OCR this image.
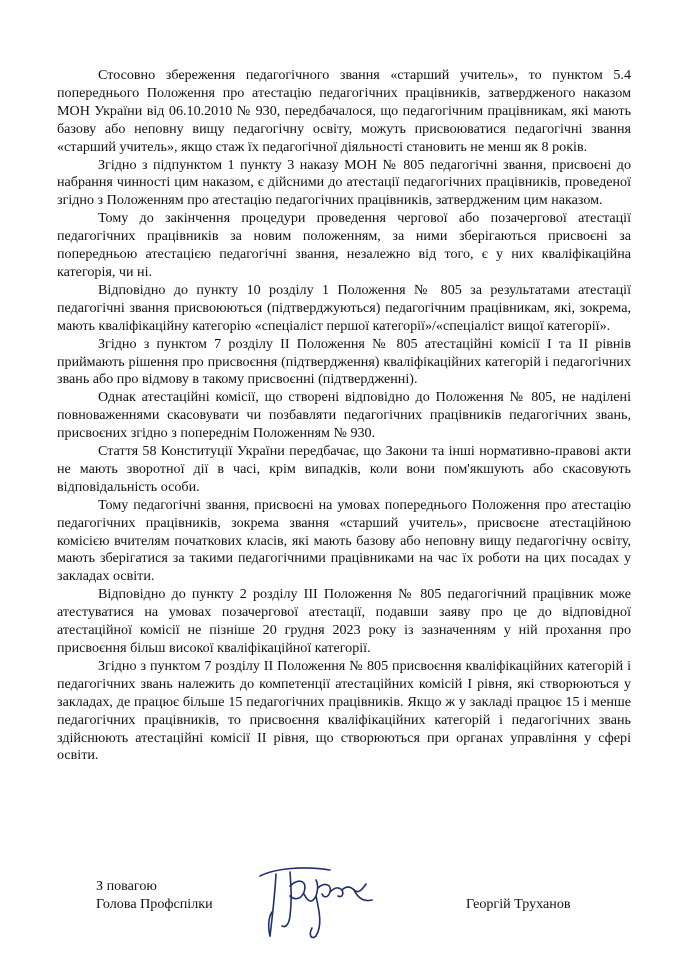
Стосовно збереження педагогічного звання «старший учитель», то пунктом 5.4 попереднього Положення про атестацію педагогічних працівників, затвердженого наказом МОН України від 06.10.2010 № 930, передбачалося, що педагогічним працівникам, які мають базову або неповну вищу педагогічну освіту, можуть присвоюватися педагогічні звання «старший учитель», якщо стаж їх педагогічної діяльності становить не менш як 8 років.

Згідно з підпунктом 1 пункту 3 наказу МОН № 805 педагогічні звання, присвоєні до набрання чинності цим наказом, є дійсними до атестації педагогічних працівників, проведеної згідно з Положенням про атестацію педагогічних працівників, затвердженим цим наказом.

Тому до закінчення процедури проведення чергової або позачергової атестації педагогічних працівників за новим положенням, за ними зберігаються присвоєні за попередньою атестацією педагогічні звання, незалежно від того, є у них кваліфікаційна категорія, чи ні.

Відповідно до пункту 10 розділу 1 Положення № 805 за результатами атестації педагогічні звання присвоюються (підтверджуються) педагогічним працівникам, які, зокрема, мають кваліфікаційну категорію «спеціаліст першої категорії»/«спеціаліст вищої категорії».

Згідно з пунктом 7 розділу ІІ Положення № 805 атестаційні комісії І та ІІ рівнів приймають рішення про присвоєння (підтвердження) кваліфікаційних категорій і педагогічних звань або про відмову в такому присвоєнні (підтвердженні).

Однак атестаційні комісії, що створені відповідно до Положення № 805, не наділені повноваженнями скасовувати чи позбавляти педагогічних працівників педагогічних звань, присвоєних згідно з попереднім Положенням № 930.

Стаття 58 Конституції України передбачає, що Закони та інші нормативно-правові акти не мають зворотної дії в часі, крім випадків, коли вони пом'якшують або скасовують відповідальність особи.

Тому педагогічні звання, присвоєні на умовах попереднього Положення про атестацію педагогічних працівників, зокрема звання «старший учитель», присвоєне атестаційною комісією вчителям початкових класів, які мають базову або неповну вищу педагогічну освіту, мають зберігатися за такими педагогічними працівниками на час їх роботи на цих посадах у закладах освіти.

Відповідно до пункту 2 розділу ІІІ Положення № 805 педагогічний працівник може атестуватися на умовах позачергової атестації, подавши заяву про це до відповідної атестаційної комісії не пізніше 20 грудня 2023 року із зазначенням у ній прохання про присвоєння більш високої кваліфікаційної категорії.

Згідно з пунктом 7 розділу ІІ Положення № 805 присвоєння кваліфікаційних категорій і педагогічних звань належить до компетенції атестаційних комісій І рівня, які створюються у закладах, де працює більше 15 педагогічних працівників. Якщо ж у закладі працює 15 і менше педагогічних працівників, то присвоєння кваліфікаційних категорій і педагогічних звань здійснюють атестаційні комісії ІІ рівня, що створюються при органах управління у сфері освіти.

З повагою
Голова Профспілки	Георгій Труханов
